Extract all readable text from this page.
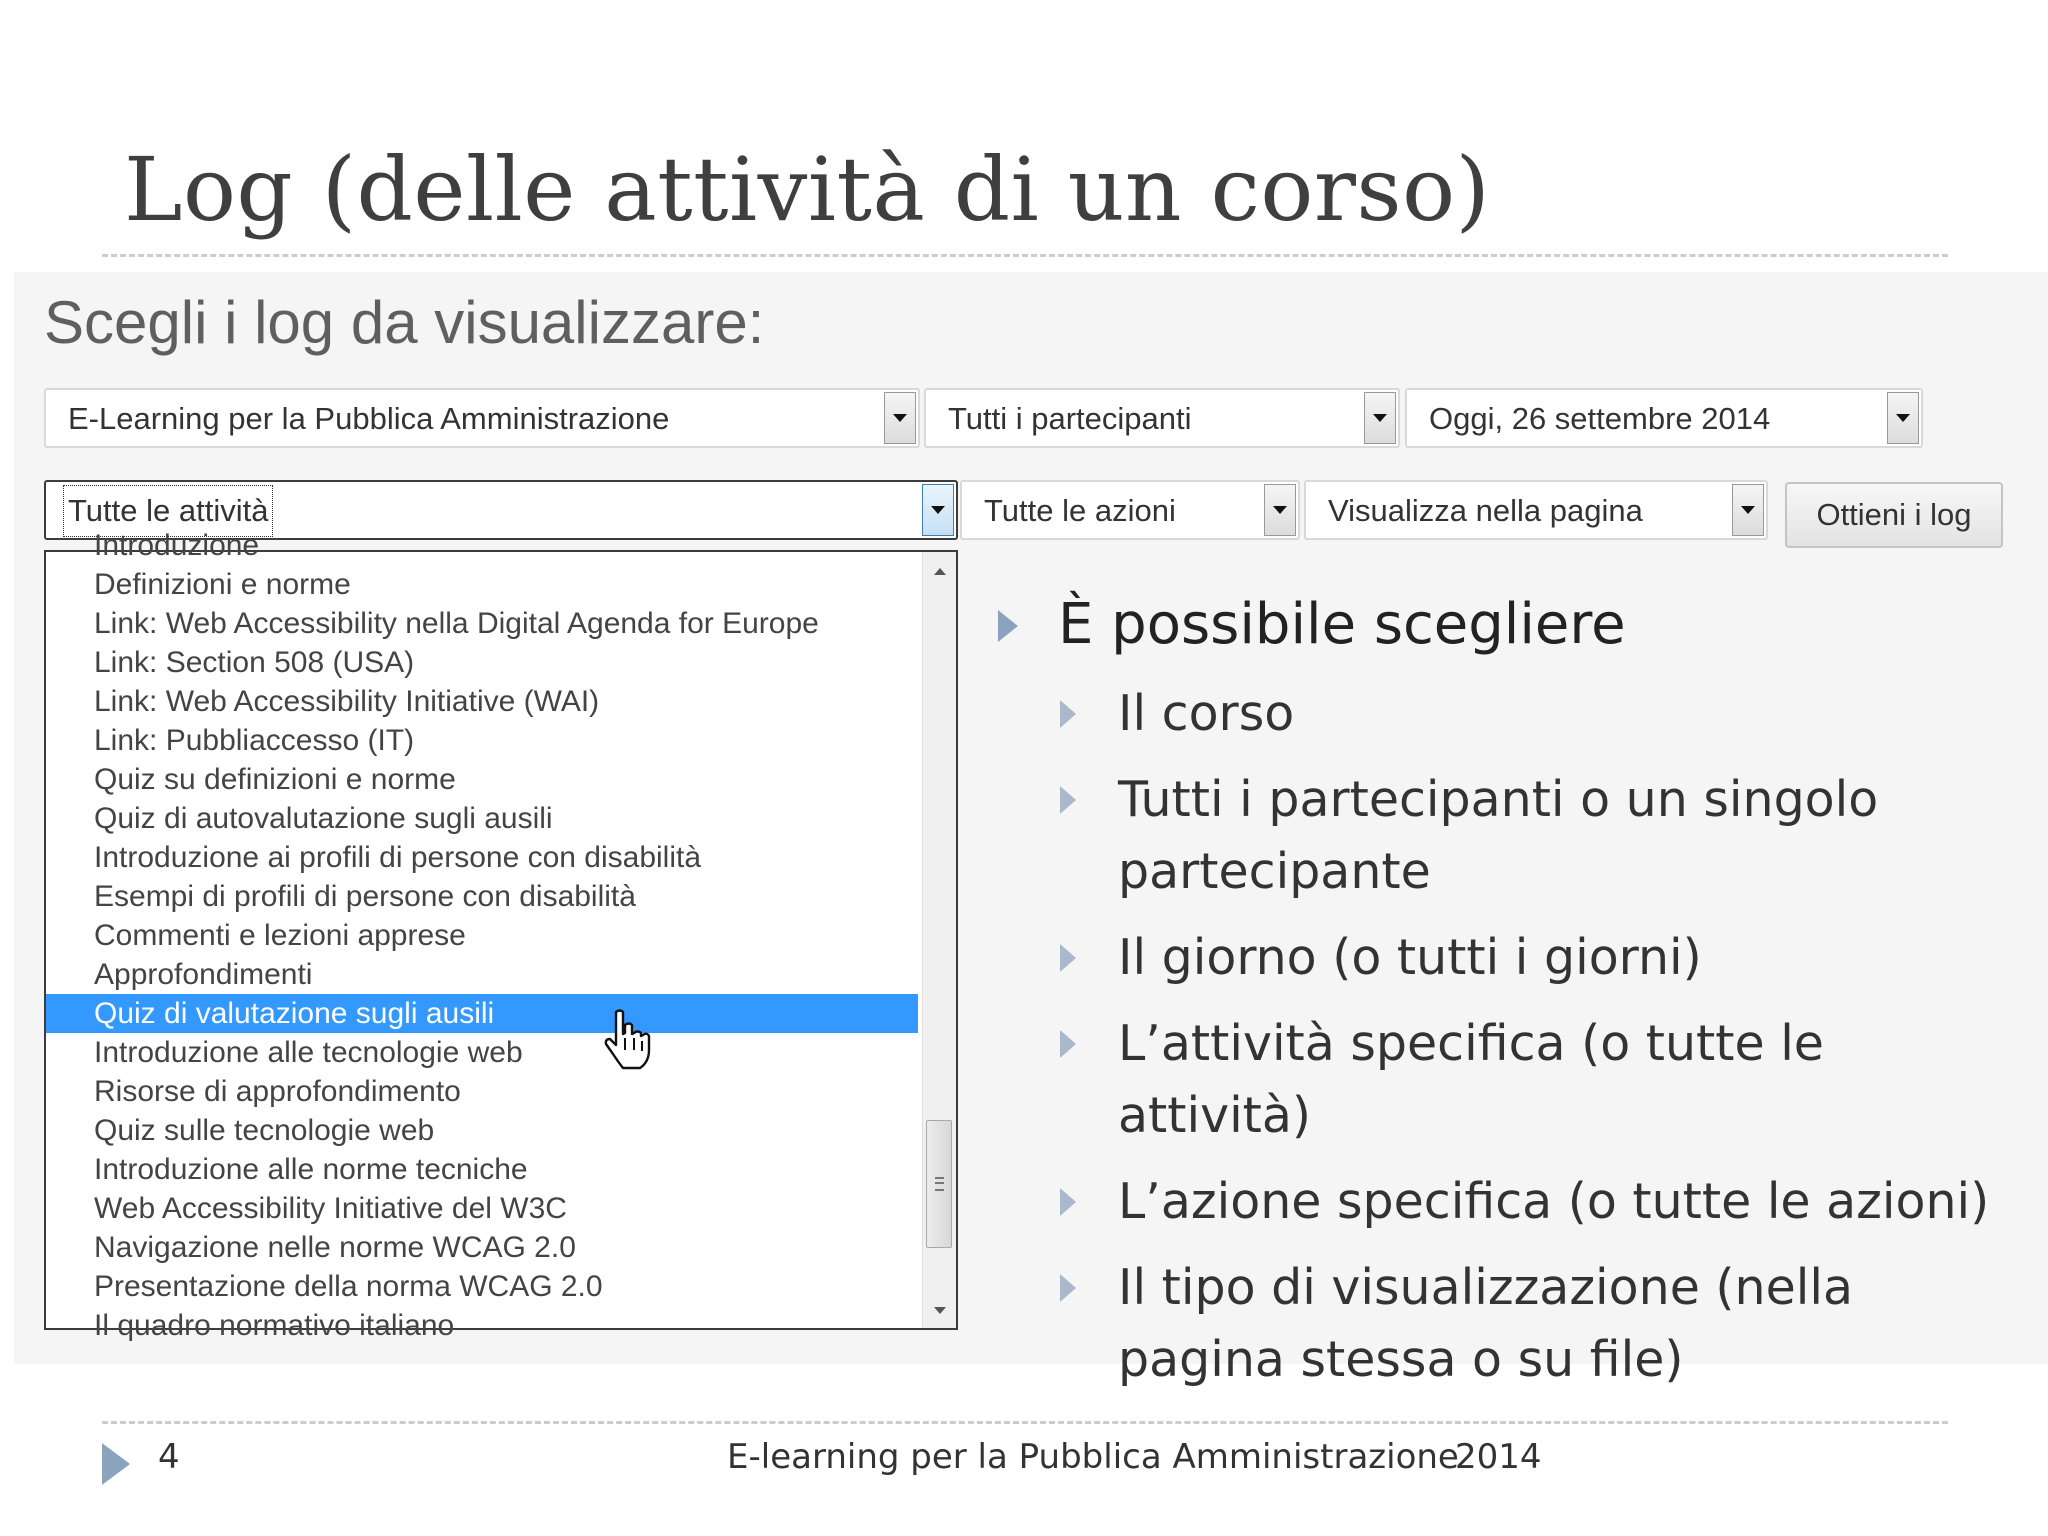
Log (delle attività di un corso)
Scegli i log da visualizzare:
E-Learning per la Pubblica Amministrazione	Tutti i partecipanti	Oggi, 26 settembre 2014
Tutte le attività	Tutte le azioni	Visualizza nella pagina	Ottieni i log
Introduzione
Definizioni e norme
Link: Web Accessibility nella Digital Agenda for Europe
Link: Section 508 (USA)
Link: Web Accessibility Initiative (WAI)
Link: Pubbliaccesso (IT)
Quiz su definizioni e norme
Quiz di autovalutazione sugli ausili
Introduzione ai profili di persone con disabilità
Esempi di profili di persone con disabilità
Commenti e lezioni apprese
Approfondimenti
Quiz di valutazione sugli ausili
Introduzione alle tecnologie web
Risorse di approfondimento
Quiz sulle tecnologie web
Introduzione alle norme tecniche
Web Accessibility Initiative del W3C
Navigazione nelle norme WCAG 2.0
Presentazione della norma WCAG 2.0
Il quadro normativo italiano
È possibile scegliere
Il corso
Tutti i partecipanti o un singolo
partecipante
Il giorno (o tutti i giorni)
L’attività specifica (o tutte le
attività)
L’azione specifica (o tutte le azioni)
Il tipo di visualizzazione (nella
pagina stessa o su file)
4	E-learning per la Pubblica Amministrazione
2014
